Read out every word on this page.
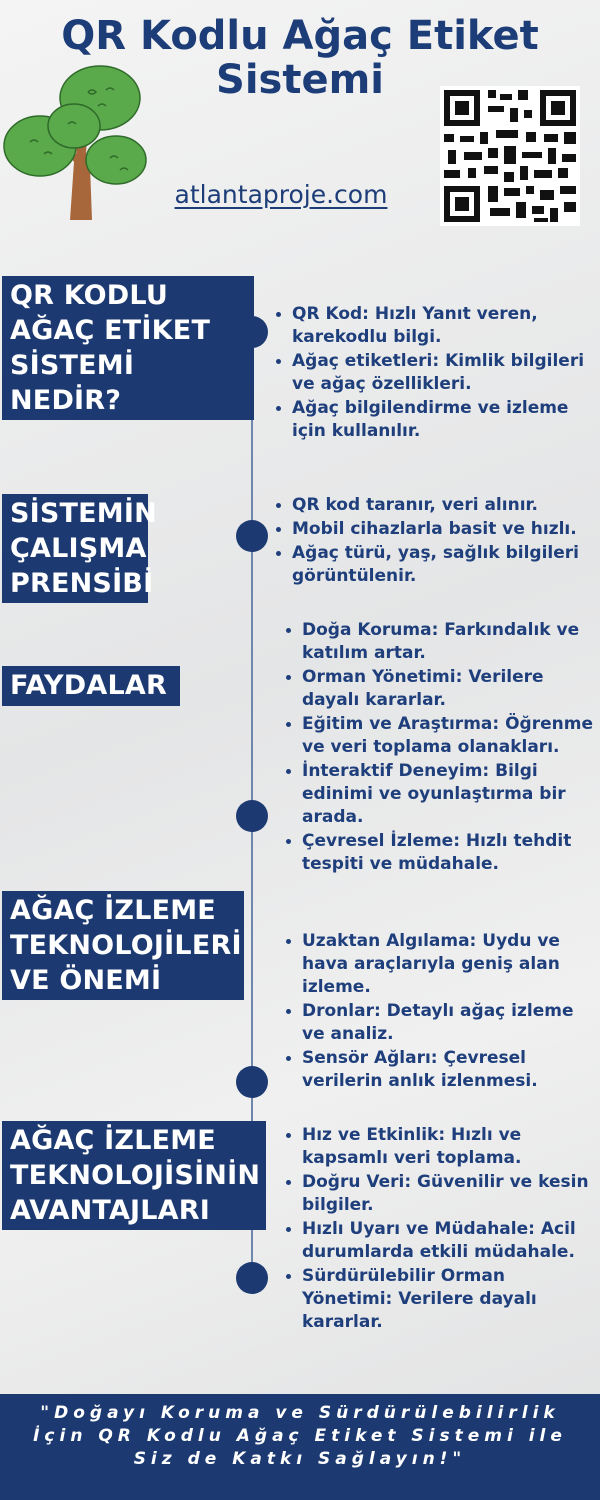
QR Kodlu Ağaç Etiket Sistemi
atlantaproje.com
QR KODLU
AĞAÇ ETİKET
SİSTEMİ NEDİR?
QR Kod: Hızlı Yanıt veren, karekodlu bilgi.
Ağaç etiketleri: Kimlik bilgileri ve ağaç özellikleri.
Ağaç bilgilendirme ve izleme için kullanılır.
SİSTEMİN
ÇALIŞMA
PRENSİBİ
QR kod taranır, veri alınır.
Mobil cihazlarla basit ve hızlı.
Ağaç türü, yaş, sağlık bilgileri görüntülenir.
FAYDALAR
Doğa Koruma: Farkındalık ve katılım artar.
Orman Yönetimi: Verilere dayalı kararlar.
Eğitim ve Araştırma: Öğrenme ve veri toplama olanakları.
İnteraktif Deneyim: Bilgi edinimi ve oyunlaştırma bir arada.
Çevresel İzleme: Hızlı tehdit tespiti ve müdahale.
AĞAÇ İZLEME
TEKNOLOJİLERİ
VE ÖNEMİ
Uzaktan Algılama: Uydu ve hava araçlarıyla geniş alan izleme.
Dronlar: Detaylı ağaç izleme ve analiz.
Sensör Ağları: Çevresel verilerin anlık izlenmesi.
AĞAÇ İZLEME
TEKNOLOJİSİNİN
AVANTAJLARI
Hız ve Etkinlik: Hızlı ve kapsamlı veri toplama.
Doğru Veri: Güvenilir ve kesin bilgiler.
Hızlı Uyarı ve Müdahale: Acil durumlarda etkili müdahale.
Sürdürülebilir Orman Yönetimi: Verilere dayalı kararlar.

"Doğayı Koruma ve Sürdürülebilirlik İçin QR Kodlu Ağaç Etiket Sistemi ile Siz de Katkı Sağlayın!"
